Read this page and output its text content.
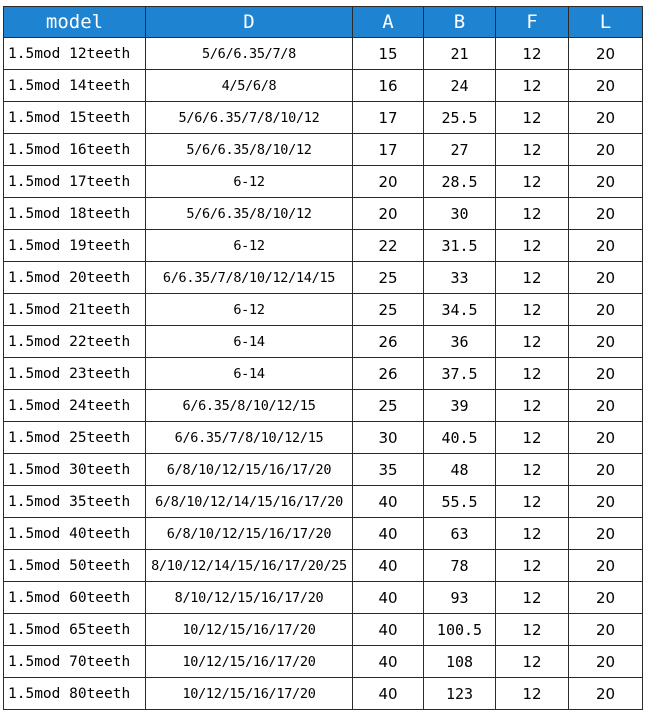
model	D	A	B	F	L
1.5mod 12teeth	5/6/6.35/7/8	15	21	12	20
1.5mod 14teeth	4/5/6/8	16	24	12	20
1.5mod 15teeth	5/6/6.35/7/8/10/12	17	25.5	12	20
1.5mod 16teeth	5/6/6.35/8/10/12	17	27	12	20
1.5mod 17teeth	6-12	20	28.5	12	20
1.5mod 18teeth	5/6/6.35/8/10/12	20	30	12	20
1.5mod 19teeth	6-12	22	31.5	12	20
1.5mod 20teeth	6/6.35/7/8/10/12/14/15	25	33	12	20
1.5mod 21teeth	6-12	25	34.5	12	20
1.5mod 22teeth	6-14	26	36	12	20
1.5mod 23teeth	6-14	26	37.5	12	20
1.5mod 24teeth	6/6.35/8/10/12/15	25	39	12	20
1.5mod 25teeth	6/6.35/7/8/10/12/15	30	40.5	12	20
1.5mod 30teeth	6/8/10/12/15/16/17/20	35	48	12	20
1.5mod 35teeth	6/8/10/12/14/15/16/17/20	40	55.5	12	20
1.5mod 40teeth	6/8/10/12/15/16/17/20	40	63	12	20
1.5mod 50teeth	8/10/12/14/15/16/17/20/25	40	78	12	20
1.5mod 60teeth	8/10/12/15/16/17/20	40	93	12	20
1.5mod 65teeth	10/12/15/16/17/20	40	100.5	12	20
1.5mod 70teeth	10/12/15/16/17/20	40	108	12	20
1.5mod 80teeth	10/12/15/16/17/20	40	123	12	20
